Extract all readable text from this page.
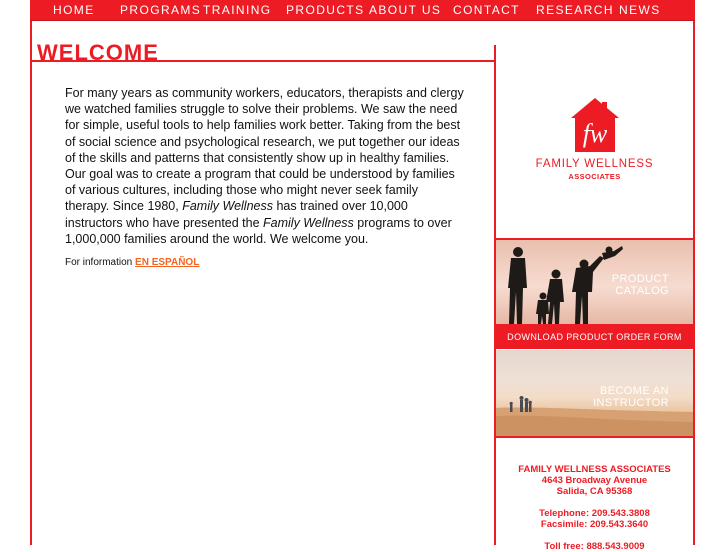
HOME PROGRAMS TRAINING PRODUCTS ABOUT US CONTACT RESEARCH NEWS
WELCOME

For many years as community workers, educators, therapists and clergy we watched families struggle to solve their problems. We saw the need for simple, useful tools to help families work better. Taking from the best of social science and psychological research, we put together our ideas of the skills and patterns that consistently show up in healthy families. Our goal was to create a program that could be understood by families of various cultures, including those who might never seek family therapy. Since 1980, Family Wellness has trained over 10,000 instructors who have presented the Family Wellness programs to over 1,000,000 families around the world. We welcome you.

For information EN ESPAÑOL
fw
FAMILY WELLNESS
ASSOCIATES
PRODUCT
CATALOG
DOWNLOAD PRODUCT ORDER FORM
BECOME AN
INSTRUCTOR
FAMILY WELLNESS ASSOCIATES
4643 Broadway Avenue
Salida, CA 95368
Telephone: 209.543.3808
Facsimile: 209.543.3640
Toll free: 888.543.9009
